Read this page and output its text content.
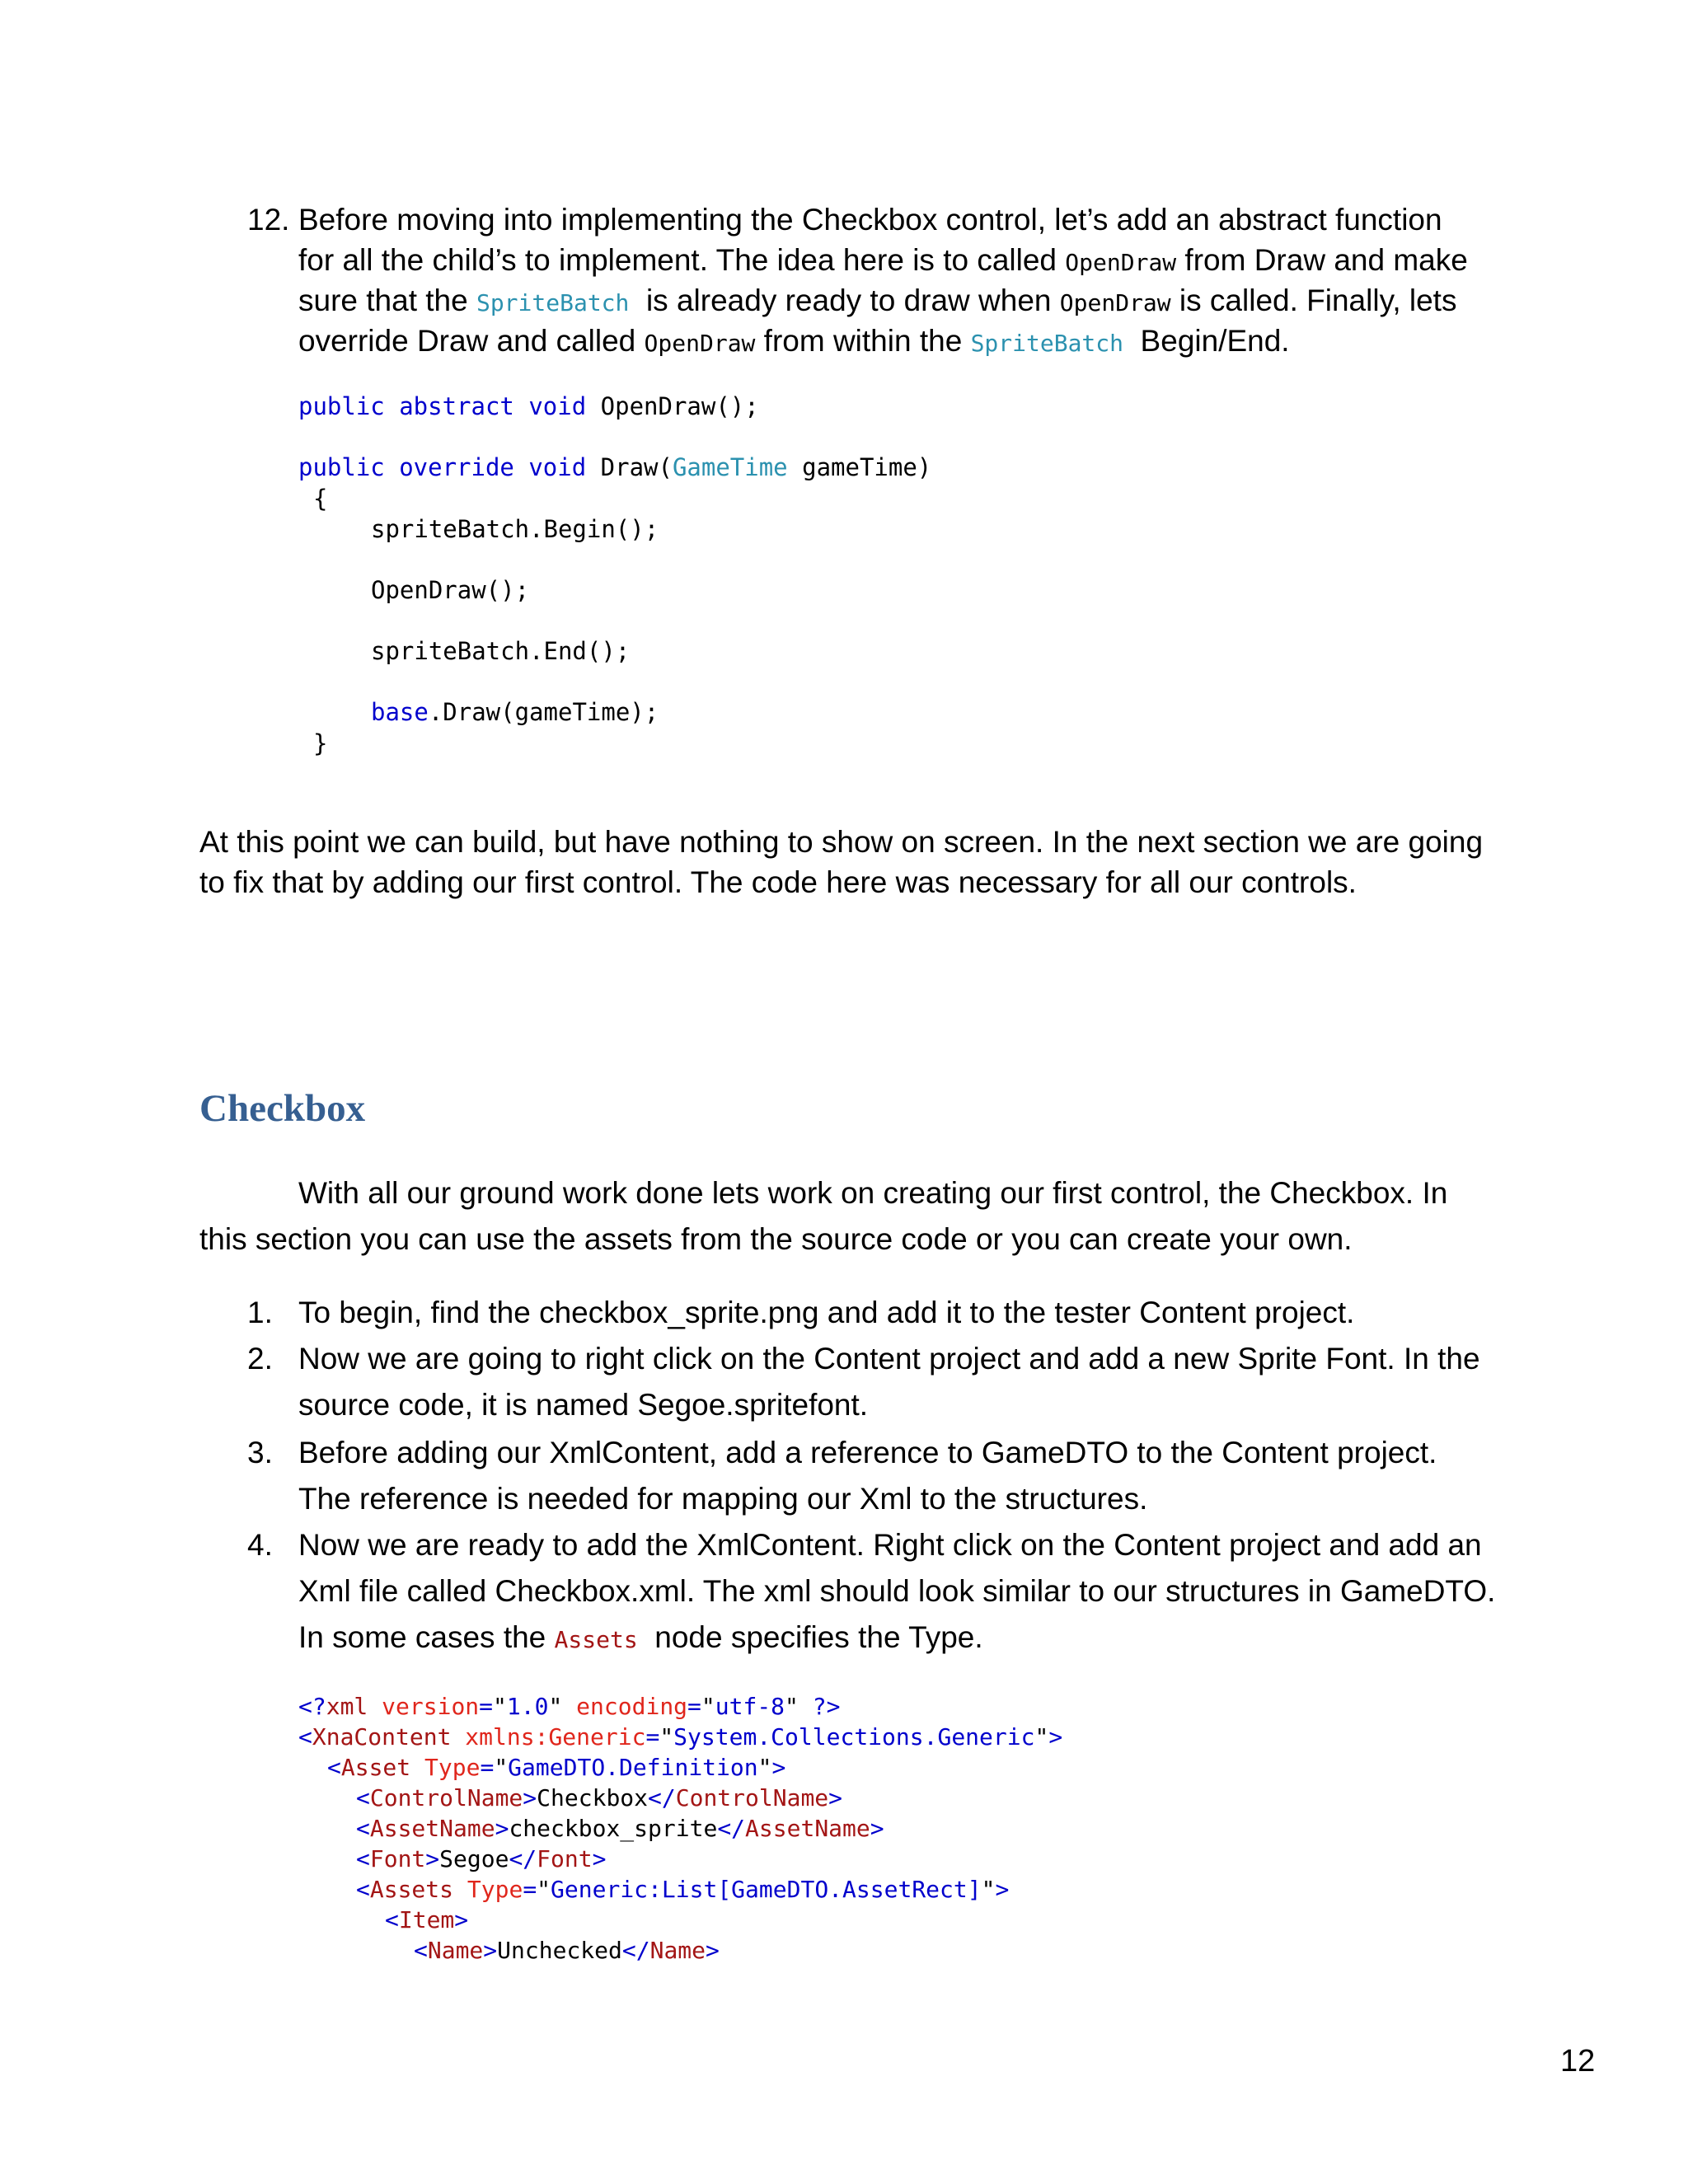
12. Before moving into implementing the Checkbox control, let’s add an abstract function
for all the child’s to implement. The idea here is to called OpenDraw from Draw and make
sure that the SpriteBatch  is already ready to draw when OpenDraw is called. Finally, lets
override Draw and called OpenDraw from within the SpriteBatch  Begin/End.
public abstract void OpenDraw();
public override void Draw(GameTime gameTime)
{
spriteBatch.Begin();
OpenDraw();
spriteBatch.End();
base.Draw(gameTime);
}
At this point we can build, but have nothing to show on screen. In the next section we are going
to fix that by adding our first control. The code here was necessary for all our controls.
Checkbox
With all our ground work done lets work on creating our first control, the Checkbox. In
this section you can use the assets from the source code or you can create your own.
1. To begin, find the checkbox_sprite.png and add it to the tester Content project.
2. Now we are going to right click on the Content project and add a new Sprite Font. In the
source code, it is named Segoe.spritefont.
3. Before adding our XmlContent, add a reference to GameDTO to the Content project.
The reference is needed for mapping our Xml to the structures.
4. Now we are ready to add the XmlContent. Right click on the Content project and add an
Xml file called Checkbox.xml. The xml should look similar to our structures in GameDTO.
In some cases the Assets  node specifies the Type.
<?xml version="1.0" encoding="utf-8" ?>
<XnaContent xmlns:Generic="System.Collections.Generic">
<Asset Type="GameDTO.Definition">
<ControlName>Checkbox</ControlName>
<AssetName>checkbox_sprite</AssetName>
<Font>Segoe</Font>
<Assets Type="Generic:List[GameDTO.AssetRect]">
<Item>
<Name>Unchecked</Name>
12
